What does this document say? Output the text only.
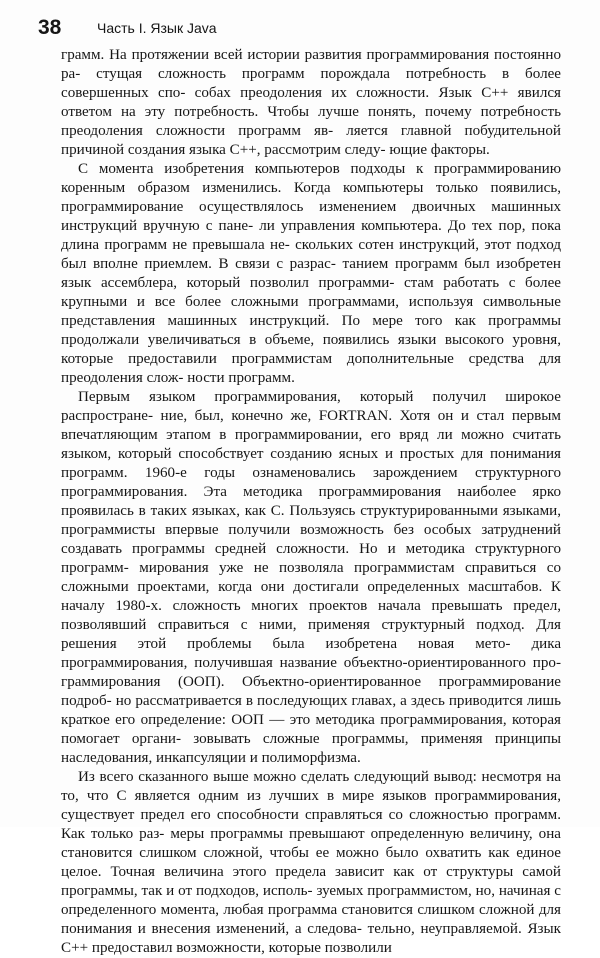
38	Часть I. Язык Java

грамм. На протяжении всей истории развития программирования постоянно ра- стущая сложность программ порождала потребность в более совершенных спо- собах преодоления их сложности. Язык С++ явился ответом на эту потребность. Чтобы лучше понять, почему потребность преодоления сложности программ яв- ляется главной побудительной причиной создания языка С++, рассмотрим следу- ющие факторы.

С момента изобретения компьютеров подходы к программированию коренным образом изменились. Когда компьютеры только появились, программирование осуществлялось изменением двоичных машинных инструкций вручную с пане- ли управления компьютера. До тех пор, пока длина программ не превышала не- скольких сотен инструкций, этот подход был вполне приемлем. В связи с разрас- танием программ был изобретен язык ассемблера, который позволил программи- стам работать с более крупными и все более сложными программами, используя символьные представления машинных инструкций. По мере того как программы продолжали увеличиваться в объеме, появились языки высокого уровня, которые предоставили программистам дополнительные средства для преодоления слож- ности программ.

Первым языком программирования, который получил широкое распростране- ние, был, конечно же, FORTRAN. Хотя он и стал первым впечатляющим этапом в программировании, его вряд ли можно считать языком, который способствует созданию ясных и простых для понимания программ. 1960-е годы ознаменовались зарождением структурного программирования. Эта методика программирования наиболее ярко проявилась в таких языках, как С. Пользуясь структурированными языками, программисты впервые получили возможность без особых затруднений создавать программы средней сложности. Но и методика структурного программ- мирования уже не позволяла программистам справиться со сложными проектами, когда они достигали определенных масштабов. К началу 1980-х. сложность многих проектов начала превышать предел, позволявший справиться с ними, применяя структурный подход. Для решения этой проблемы была изобретена новая мето- дика программирования, получившая название объектно-ориентированного про- граммирования (ООП). Объектно-ориентированное программирование подроб- но рассматривается в последующих главах, а здесь приводится лишь краткое его определение: ООП — это методика программирования, которая помогает органи- зовывать сложные программы, применяя принципы наследования, инкапсуляции и полиморфизма.

Из всего сказанного выше можно сделать следующий вывод: несмотря на то, что С является одним из лучших в мире языков программирования, существует предел его способности справляться со сложностью программ. Как только раз- меры программы превышают определенную величину, она становится слишком сложной, чтобы ее можно было охватить как единое целое. Точная величина этого предела зависит как от структуры самой программы, так и от подходов, исполь- зуемых программистом, но, начиная с определенного момента, любая программа становится слишком сложной для понимания и внесения изменений, а следова- тельно, неуправляемой. Язык С++ предоставил возможности, которые позволили
